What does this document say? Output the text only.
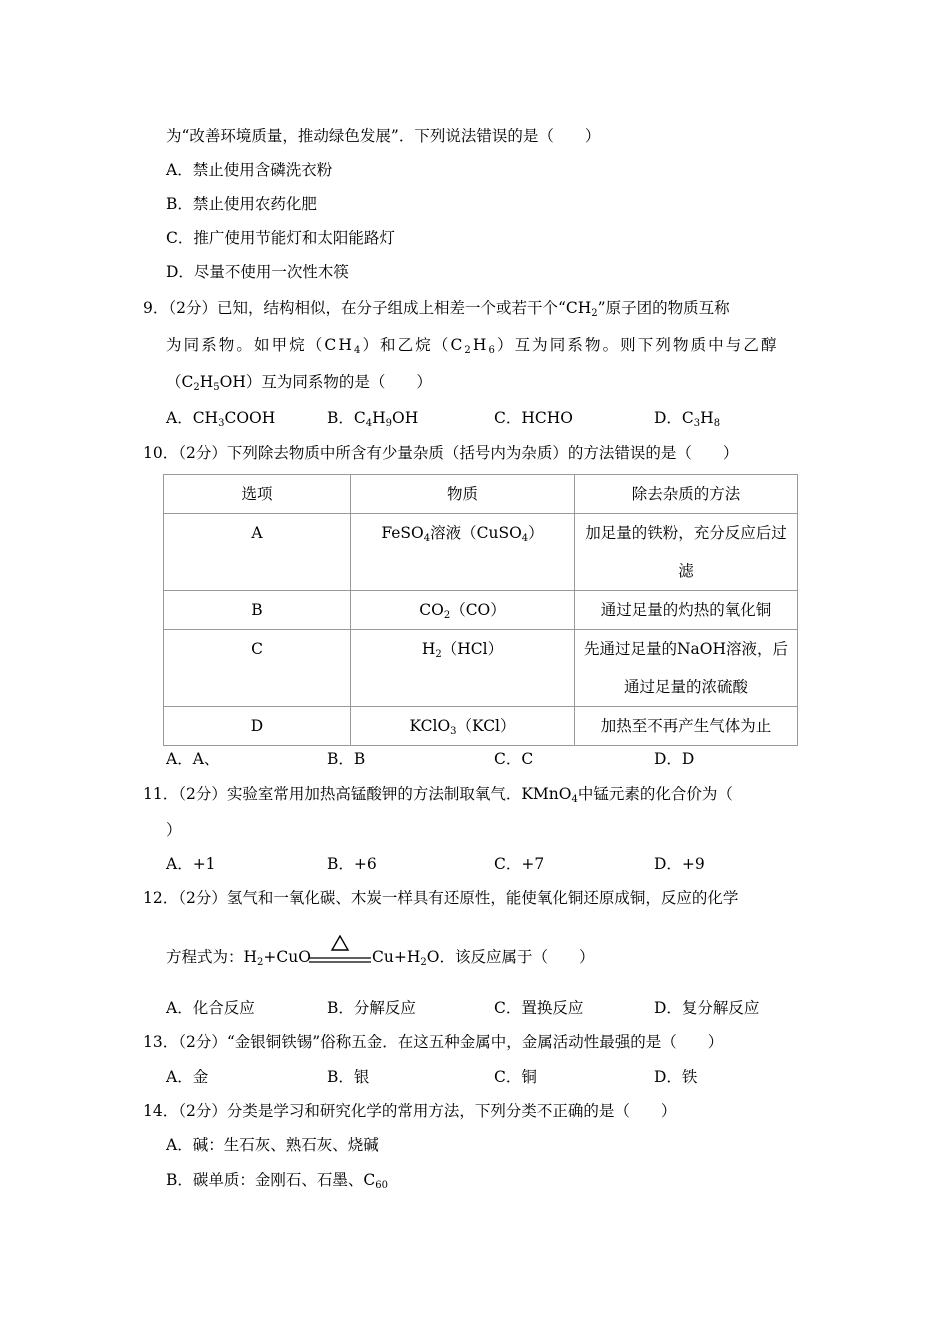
为“改善环境质量，推动绿色发展”．下列说法错误的是（　　）
A．禁止使用含磷洗衣粉
B．禁止使用农药化肥
C．推广使用节能灯和太阳能路灯
D．尽量不使用一次性木筷
9．（2分）已知，结构相似，在分子组成上相差一个或若干个“$CH_2$”原子团的物质互称
为同系物。如甲烷$(CH_4)$和乙烷$(C_2H_6)$互为同系物。则下列物质中与乙醇
$(C_2H_5OH)$互为同系物的是（　　）
A．$CH_3COOH$	B．$C_4H_9OH$	C．HCHO	D．$C_3H_8$
10．（2分）下列除去物质中所含有少量杂质（括号内为杂质）的方法错误的是（　　）
选项	物质	除去杂质的方法
A	FeSO$_4$溶液（CuSO$_4$）	加足量的铁粉，充分反应后过
滤

B	$CO_2(CO)$	通过足量的灼热的氧化铜
C	$H_2(HCl)$	先通过足量的NaOH溶液，后
通过足量的浓硫酸

D	KClO$_3$（KCl）	加热至不再产生气体为止
A．A、	B．B	C．C	D．D
11．（2分）实验室常用加热高锰酸钾的方法制取氧气．KMnO$_4$中锰元素的化合价为（
）
A．+1	B．+6	C．+7	D．+9
12．（2分）氢气和一氧化碳、木炭一样具有还原性，能使氧化铜还原成铜，反应的化学
方程式为：$H_2+CuO$	$Cu+H_2O$．该反应属于（　　）
A．化合反应	B．分解反应	C．置换反应	D．复分解反应
13．（2分）“金银铜铁锡”俗称五金．在这五种金属中，金属活动性最强的是（　　）
A．金	B．银	C．铜	D．铁
14．（2分）分类是学习和研究化学的常用方法，下列分类不正确的是（　　）
A．碱：生石灰、熟石灰、烧碱
B．碳单质：金刚石、石墨、$C_{60}$
